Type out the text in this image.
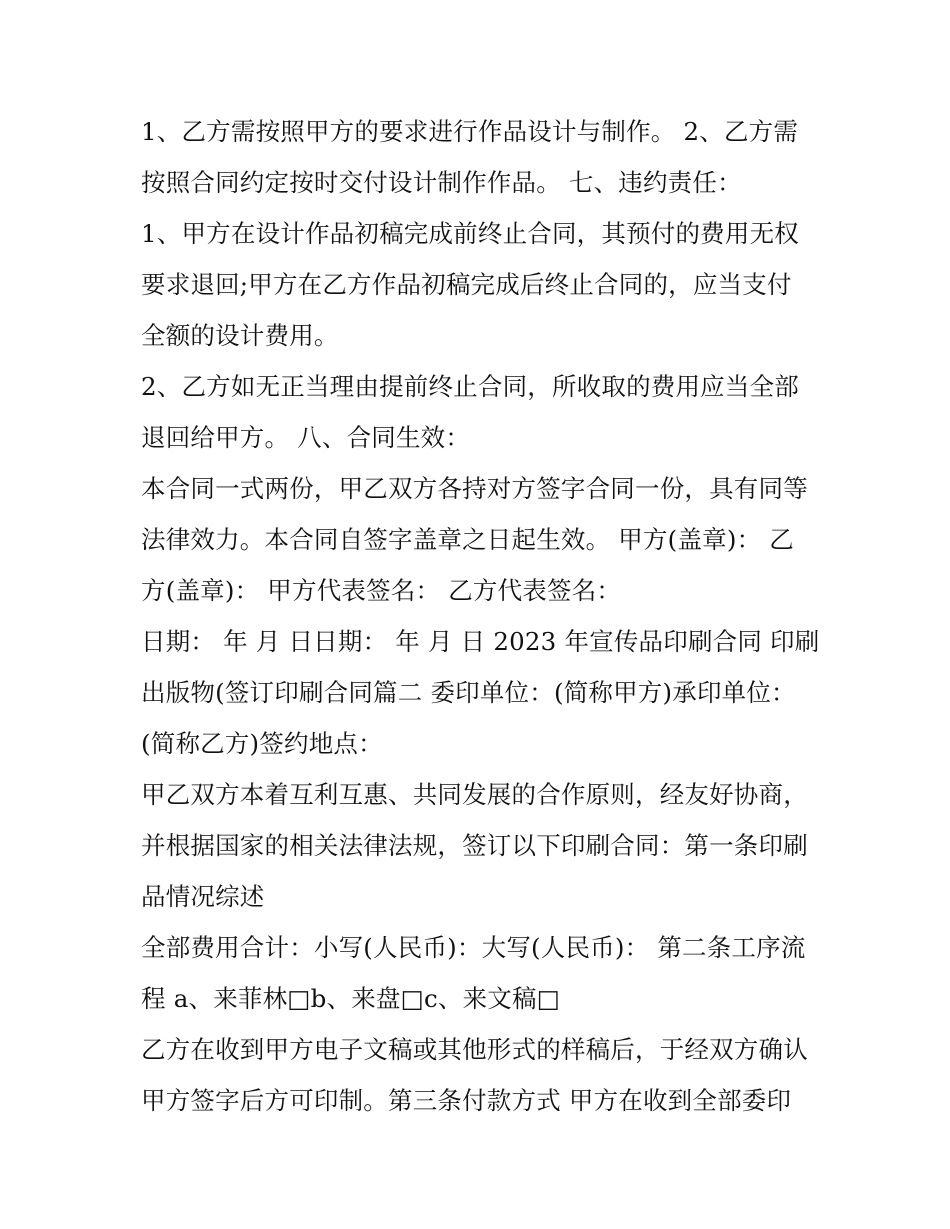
1、乙方需按照甲方的要求进行作品设计与制作。 2、乙方需
按照合同约定按时交付设计制作作品。 七、违约责任：
1、甲方在设计作品初稿完成前终止合同，其预付的费用无权
要求退回;甲方在乙方作品初稿完成后终止合同的，应当支付
全额的设计费用。
2、乙方如无正当理由提前终止合同，所收取的费用应当全部
退回给甲方。 八、合同生效：
本合同一式两份，甲乙双方各持对方签字合同一份，具有同等
法律效力。本合同自签字盖章之日起生效。 甲方(盖章)： 乙
方(盖章)： 甲方代表签名： 乙方代表签名：
日期： 年 月 日日期： 年 月 日 2023 年宣传品印刷合同 印刷
出版物(签订印刷合同篇二 委印单位：(简称甲方)承印单位：
(简称乙方)签约地点：
甲乙双方本着互利互惠、共同发展的合作原则，经友好协商，
并根据国家的相关法律法规，签订以下印刷合同：第一条印刷
品情况综述
全部费用合计：小写(人民币)：大写(人民币)： 第二条工序流
程 a、来菲林□b、来盘□c、来文稿□
乙方在收到甲方电子文稿或其他形式的样稿后，于经双方确认
甲方签字后方可印制。第三条付款方式 甲方在收到全部委印
